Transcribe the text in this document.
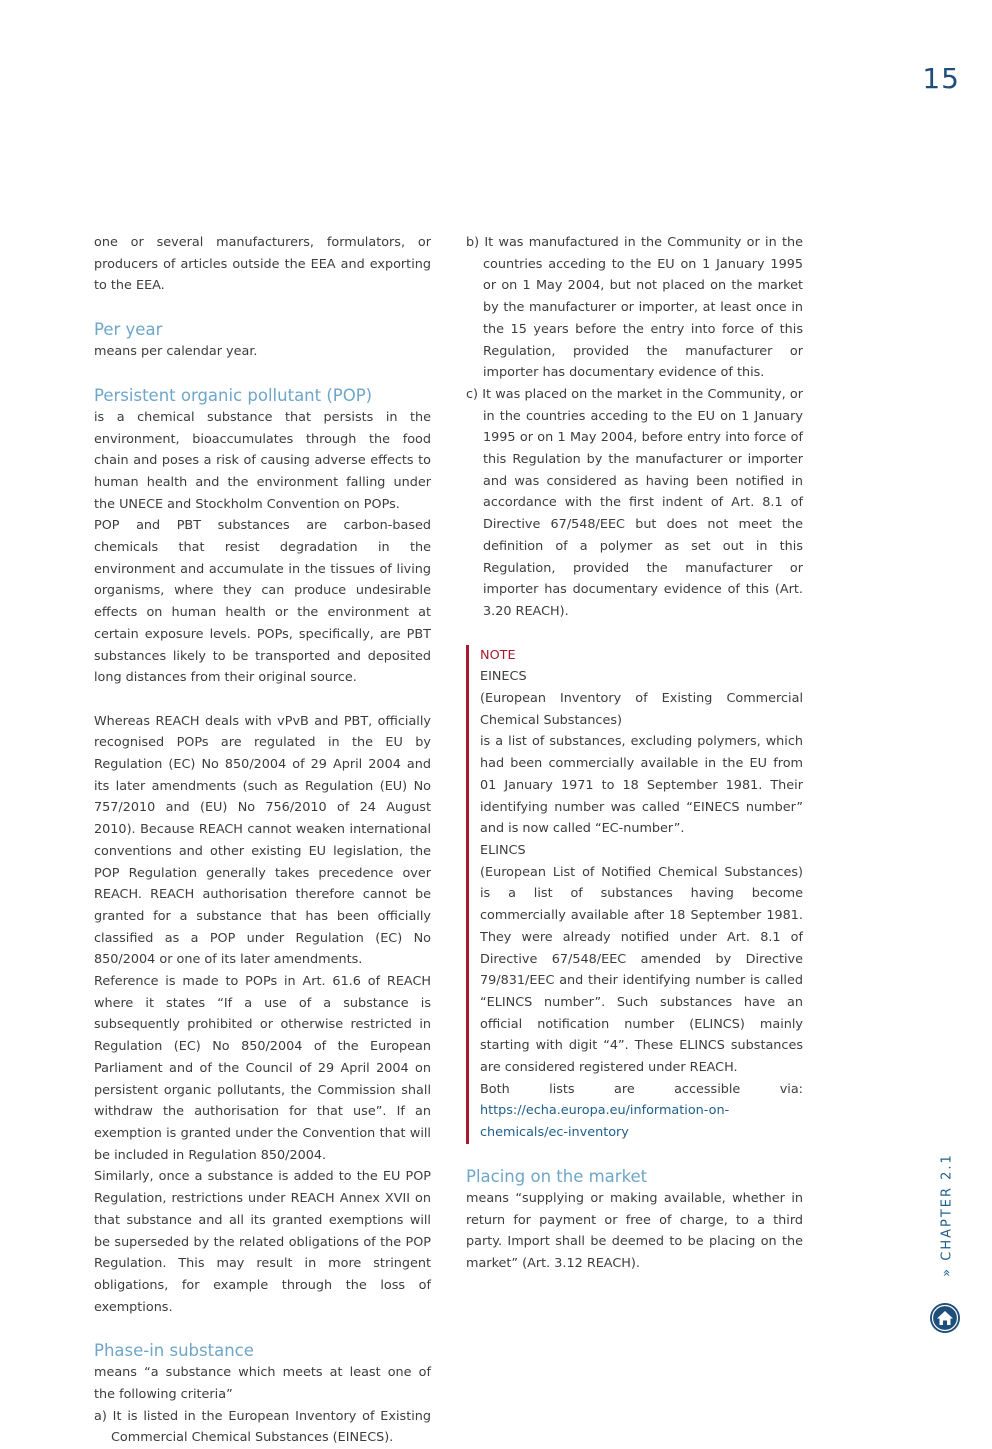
15

one or several manufacturers, formulators, or producers of articles outside the EEA and exporting to the EEA.

Per year

means per calendar year.

Persistent organic pollutant (POP)

is a chemical substance that persists in the environment, bioaccumulates through the food chain and poses a risk of causing adverse effects to human health and the environment falling under the UNECE and Stockholm Convention on POPs.

POP and PBT substances are carbon-based chemicals that resist degradation in the environment and accumulate in the tissues of living organisms, where they can produce undesirable effects on human health or the environment at certain exposure levels. POPs, specifically, are PBT substances likely to be transported and deposited long distances from their original source.

Whereas REACH deals with vPvB and PBT, officially recognised POPs are regulated in the EU by Regulation (EC) No 850/2004 of 29 April 2004 and its later amendments (such as Regulation (EU) No 757/2010 and (EU) No 756/2010 of 24 August 2010). Because REACH cannot weaken international conventions and other existing EU legislation, the POP Regulation generally takes precedence over REACH. REACH authorisation therefore cannot be granted for a substance that has been officially classified as a POP under Regulation (EC) No 850/2004 or one of its later amendments.

Reference is made to POPs in Art. 61.6 of REACH where it states “If a use of a substance is subsequently prohibited or otherwise restricted in Regulation (EC) No 850/2004 of the European Parliament and of the Council of 29 April 2004 on persistent organic pollutants, the Commission shall withdraw the authorisation for that use”. If an exemption is granted under the Convention that will be included in Regulation 850/2004.

Similarly, once a substance is added to the EU POP Regulation, restrictions under REACH Annex XVII on that substance and all its granted exemptions will be superseded by the related obligations of the POP Regulation. This may result in more stringent obligations, for example through the loss of exemptions.

Phase-in substance

means “a substance which meets at least one of the following criteria”

a) It is listed in the European Inventory of Existing Commercial Chemical Substances (EINECS).

b) It was manufactured in the Community or in the countries acceding to the EU on 1 January 1995 or on 1 May 2004, but not placed on the market by the manufacturer or importer, at least once in the 15 years before the entry into force of this Regulation, provided the manufacturer or importer has documentary evidence of this.

c) It was placed on the market in the Community, or in the countries acceding to the EU on 1 January 1995 or on 1 May 2004, before entry into force of this Regulation by the manufacturer or importer and was considered as having been notified in accordance with the first indent of Art. 8.1 of Directive 67/548/EEC but does not meet the definition of a polymer as set out in this Regulation, provided the manufacturer or importer has documentary evidence of this (Art. 3.20 REACH).

NOTE

EINECS

(European Inventory of Existing Commercial Chemical Substances)

is a list of substances, excluding polymers, which had been commercially available in the EU from 01 January 1971 to 18 September 1981. Their identifying number was called “EINECS number” and is now called “EC-number”.

ELINCS

(European List of Notified Chemical Substances) is a list of substances having become commercially available after 18 September 1981. They were already notified under Art. 8.1 of Directive 67/548/EEC amended by Directive 79/831/EEC and their identifying number is called “ELINCS number”. Such substances have an official notification number (ELINCS) mainly starting with digit “4”. These ELINCS substances are considered registered under REACH.

Both lists are accessible via: https://echa.europa.eu/information-on-chemicals/ec-inventory

Placing on the market

means “supplying or making available, whether in return for payment or free of charge, to a third party. Import shall be deemed to be placing on the market” (Art. 3.12 REACH).	» CHAPTER 2.1
